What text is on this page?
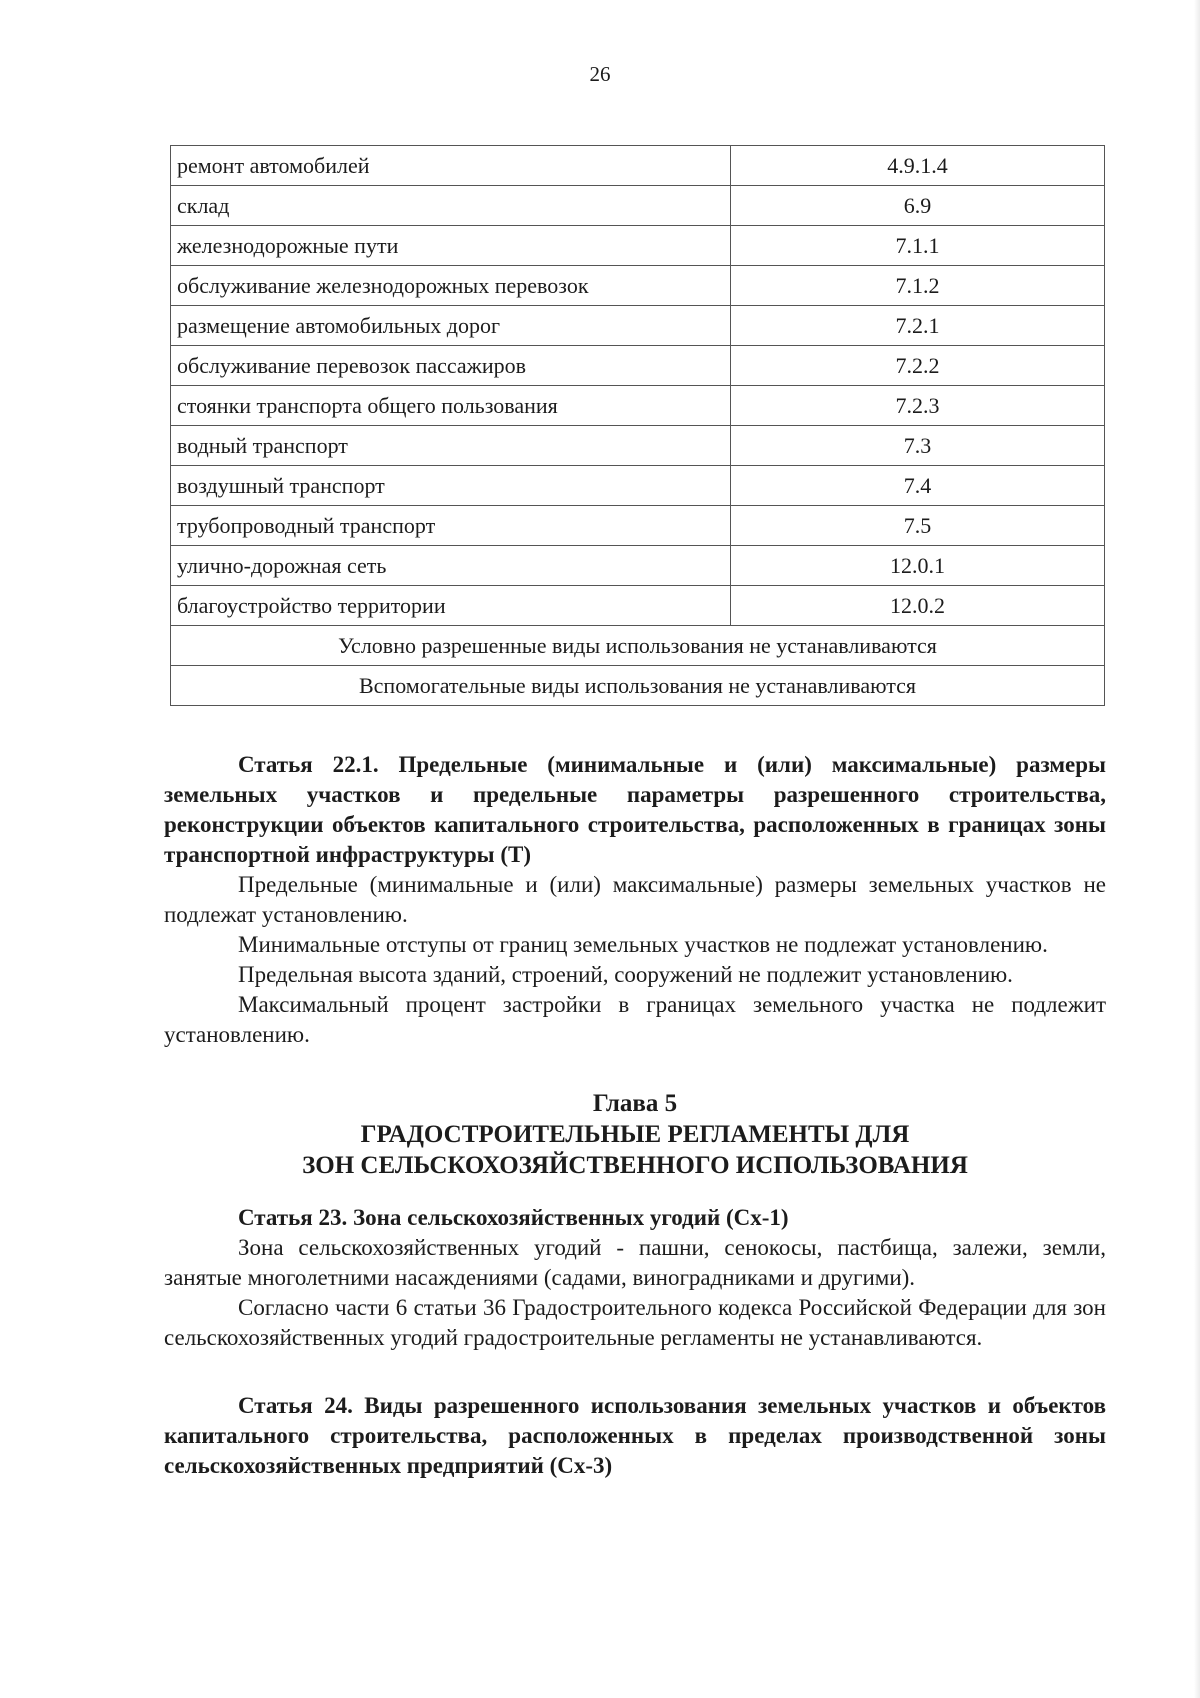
26
ремонт автомобилей	4.9.1.4
склад	6.9
железнодорожные пути	7.1.1
обслуживание железнодорожных перевозок	7.1.2
размещение автомобильных дорог	7.2.1
обслуживание перевозок пассажиров	7.2.2
стоянки транспорта общего пользования	7.2.3
водный транспорт	7.3
воздушный транспорт	7.4
трубопроводный транспорт	7.5
улично-дорожная сеть	12.0.1
благоустройство территории	12.0.2
Условно разрешенные виды использования не устанавливаются	
Вспомогательные виды использования не устанавливаются	

Статья 22.1. Предельные (минимальные и (или) максимальные) размеры земельных участков и предельные параметры разрешенного строительства, реконструкции объектов капитального строительства, расположенных в границах зоны транспортной инфраструктуры (Т)

Предельные (минимальные и (или) максимальные) размеры земельных участков не подлежат установлению.

Минимальные отступы от границ земельных участков не подлежат установлению.

Предельная высота зданий, строений, сооружений не подлежит установлению.

Максимальный процент застройки в границах земельного участка не подлежит установлению.

Глава 5

ГРАДОСТРОИТЕЛЬНЫЕ РЕГЛАМЕНТЫ ДЛЯ

ЗОН СЕЛЬСКОХОЗЯЙСТВЕННОГО ИСПОЛЬЗОВАНИЯ

Статья 23. Зона сельскохозяйственных угодий (Сх-1)

Зона сельскохозяйственных угодий - пашни, сенокосы, пастбища, залежи, земли, занятые многолетними насаждениями (садами, виноградниками и другими).

Согласно части 6 статьи 36 Градостроительного кодекса Российской Федерации для зон сельскохозяйственных угодий градостроительные регламенты не устанавливаются.

Статья 24. Виды разрешенного использования земельных участков и объектов капитального строительства, расположенных в пределах производственной зоны сельскохозяйственных предприятий (Сх-3)
